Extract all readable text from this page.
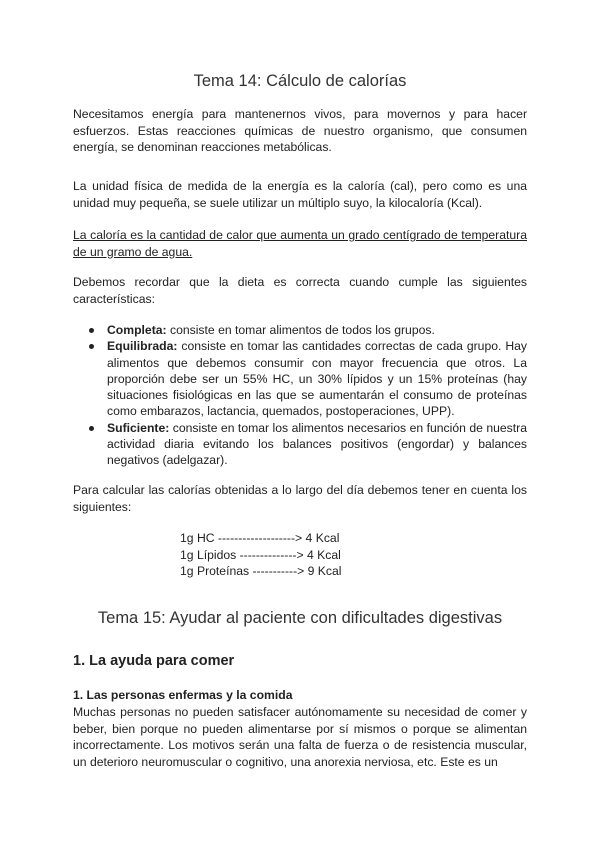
Tema 14: Cálculo de calorías

Necesitamos energía para mantenernos vivos, para movernos y para hacer esfuerzos. Estas reacciones químicas de nuestro organismo, que consumen energía, se denominan reacciones metabólicas.

La unidad física de medida de la energía es la caloría (cal), pero como es una unidad muy pequeña, se suele utilizar un múltiplo suyo, la kilocaloría (Kcal).

La caloría es la cantidad de calor que aumenta un grado centígrado de temperatura de un gramo de agua.

Debemos recordar que la dieta es correcta cuando cumple las siguientes características:

Completa: consiste en tomar alimentos de todos los grupos.
Equilibrada: consiste en tomar las cantidades correctas de cada grupo. Hay alimentos que debemos consumir con mayor frecuencia que otros. La proporción debe ser un 55% HC, un 30% lípidos y un 15% proteínas (hay situaciones fisiológicas en las que se aumentarán el consumo de proteínas como embarazos, lactancia, quemados, postoperaciones, UPP).
Suficiente: consiste en tomar los alimentos necesarios en función de nuestra actividad diaria evitando los balances positivos (engordar) y balances negativos (adelgazar).

Para calcular las calorías obtenidas a lo largo del día debemos tener en cuenta los siguientes:

1g HC -------------------> 4 Kcal
1g Lípidos --------------> 4 Kcal
1g Proteínas -----------> 9 Kcal
Tema 15: Ayudar al paciente con dificultades digestivas
1. La ayuda para comer
1. Las personas enfermas y la comida

Muchas personas no pueden satisfacer autónomamente su necesidad de comer y beber, bien porque no pueden alimentarse por sí mismos o porque se alimentan incorrectamente. Los motivos serán una falta de fuerza o de resistencia muscular, un deterioro neuromuscular o cognitivo, una anorexia nerviosa, etc. Este es un
